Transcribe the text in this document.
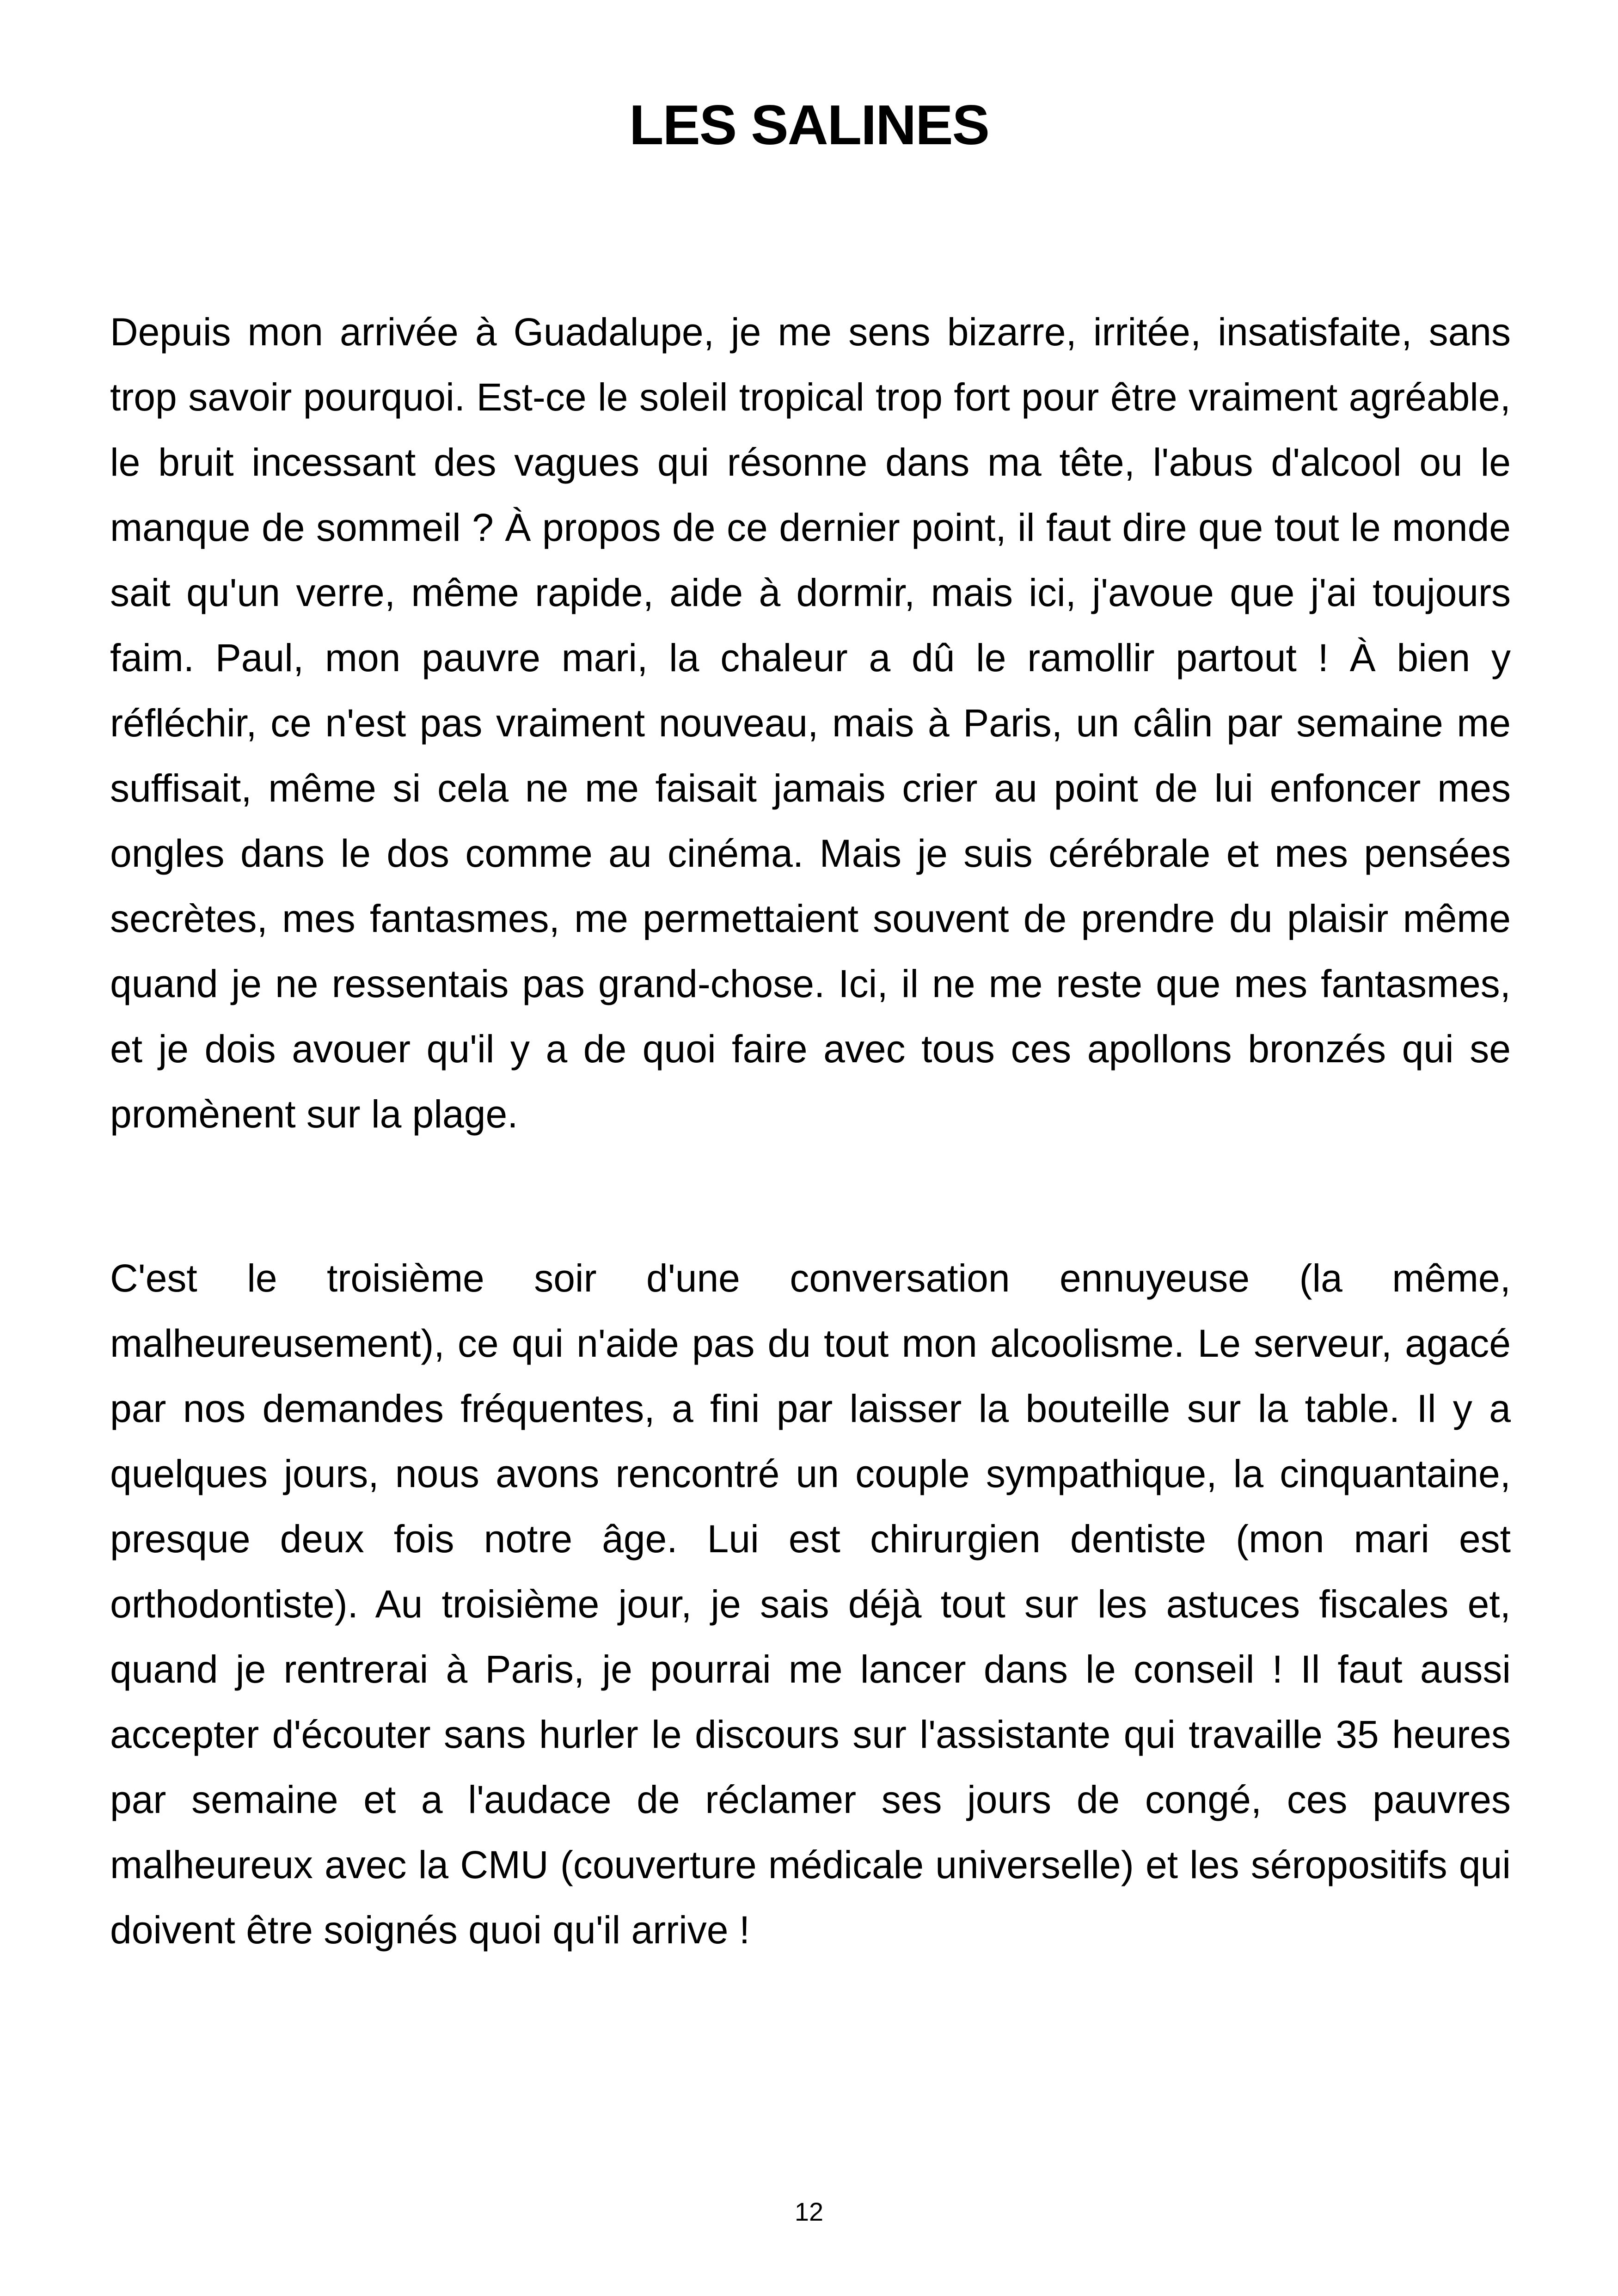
LES SALINES

Depuis mon arrivée à Guadalupe, je me sens bizarre, irritée, insatisfaite, sans trop savoir pourquoi. Est-ce le soleil tropical trop fort pour être vraiment agréable, le bruit incessant des vagues qui résonne dans ma tête, l'abus d'alcool ou le manque de sommeil ? À propos de ce dernier point, il faut dire que tout le monde sait qu'un verre, même rapide, aide à dormir, mais ici, j'avoue que j'ai toujours faim. Paul, mon pauvre mari, la chaleur a dû le ramollir partout ! À bien y réfléchir, ce n'est pas vraiment nouveau, mais à Paris, un câlin par semaine me suffisait, même si cela ne me faisait jamais crier au point de lui enfoncer mes ongles dans le dos comme au cinéma. Mais je suis cérébrale et mes pensées secrètes, mes fantasmes, me permettaient souvent de prendre du plaisir même quand je ne ressentais pas grand-chose. Ici, il ne me reste que mes fantasmes, et je dois avouer qu'il y a de quoi faire avec tous ces apollons bronzés qui se promènent sur la plage.

C'est le troisième soir d'une conversation ennuyeuse (la même, malheureusement), ce qui n'aide pas du tout mon alcoolisme. Le serveur, agacé par nos demandes fréquentes, a fini par laisser la bouteille sur la table. Il y a quelques jours, nous avons rencontré un couple sympathique, la cinquantaine, presque deux fois notre âge. Lui est chirurgien dentiste (mon mari est orthodontiste). Au troisième jour, je sais déjà tout sur les astuces fiscales et, quand je rentrerai à Paris, je pourrai me lancer dans le conseil ! Il faut aussi accepter d'écouter sans hurler le discours sur l'assistante qui travaille 35 heures par semaine et a l'audace de réclamer ses jours de congé, ces pauvres malheureux avec la CMU (couverture médicale universelle) et les séropositifs qui doivent être soignés quoi qu'il arrive !

12
